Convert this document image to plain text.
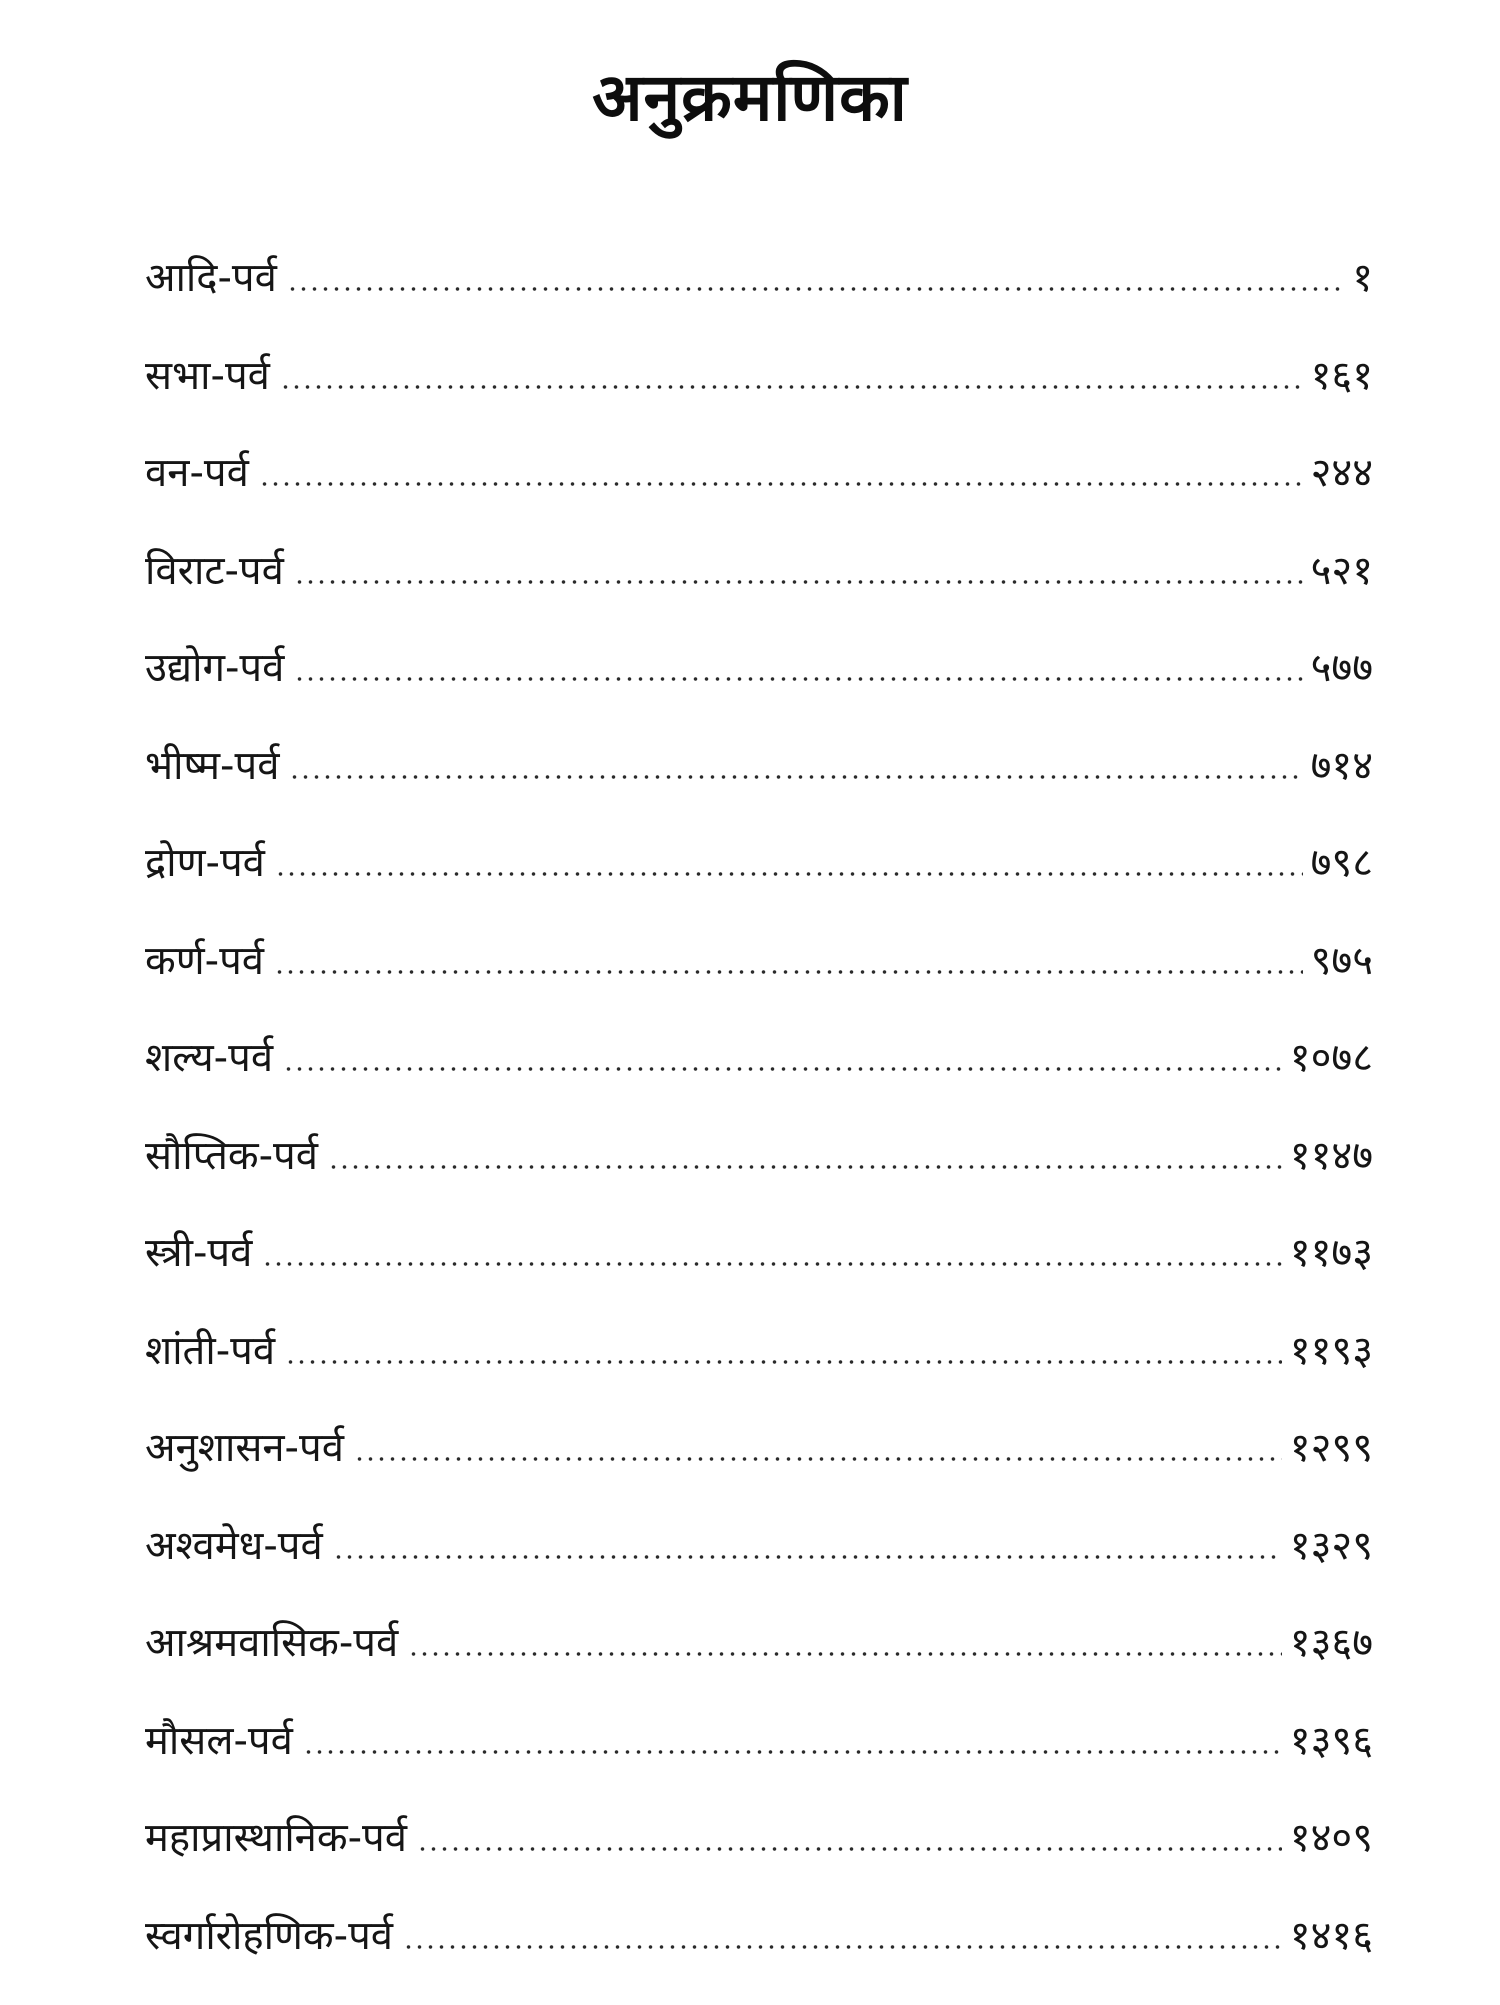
अनुक्रमणिका
आदि-पर्व	१
सभा-पर्व	१६१
वन-पर्व	२४४
विराट-पर्व	५२१
उद्योग-पर्व	५७७
भीष्म-पर्व	७१४
द्रोण-पर्व	७९८
कर्ण-पर्व	९७५
शल्य-पर्व	१०७८
सौप्तिक-पर्व	११४७
स्त्री-पर्व	११७३
शांती-पर्व	११९३
अनुशासन-पर्व	१२९९
अश्वमेध-पर्व	१३२९
आश्रमवासिक-पर्व	१३६७
मौसल-पर्व	१३९६
महाप्रास्थानिक-पर्व	१४०९
स्वर्गारोहणिक-पर्व	१४१६
